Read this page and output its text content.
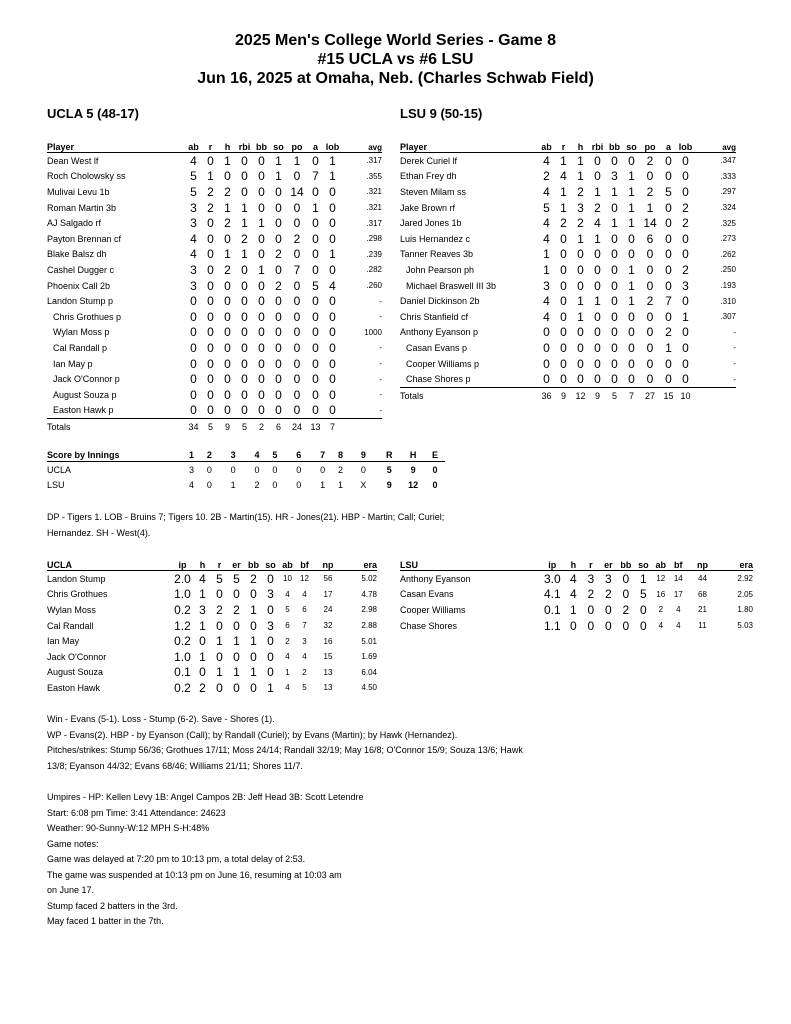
2025 Men's College World Series - Game 8
#15 UCLA vs #6 LSU
Jun 16, 2025 at Omaha, Neb. (Charles Schwab Field)
UCLA 5 (48-17)	LSU 9 (50-15)
Player	ab	r	h	rbi	bb	so	po	a	lob	avg
Dean West lf	4	0	1	0	0	1	1	0	1	.317
Roch Cholowsky ss	5	1	0	0	0	1	0	7	1	.355
Mulivai Levu 1b	5	2	2	0	0	0	14	0	0	.321
Roman Martin 3b	3	2	1	1	0	0	0	1	0	.321
AJ Salgado rf	3	0	2	1	1	0	0	0	0	.317
Payton Brennan cf	4	0	0	2	0	0	2	0	0	.298
Blake Balsz dh	4	0	1	1	0	2	0	0	1	.239
Cashel Dugger c	3	0	2	0	1	0	7	0	0	.282
Phoenix Call 2b	3	0	0	0	0	2	0	5	4	.260
Landon Stump p	0	0	0	0	0	0	0	0	0	-
Chris Grothues p	0	0	0	0	0	0	0	0	0	-
Wylan Moss p	0	0	0	0	0	0	0	0	0	1000
Cal Randall p	0	0	0	0	0	0	0	0	0	-
Ian May p	0	0	0	0	0	0	0	0	0	-
Jack O'Connor p	0	0	0	0	0	0	0	0	0	-
August Souza p	0	0	0	0	0	0	0	0	0	-
Easton Hawk p	0	0	0	0	0	0	0	0	0	-
Totals	34	5	9	5	2	6	24	13	7	
Player	ab	r	h	rbi	bb	so	po	a	lob	avg
Derek Curiel lf	4	1	1	0	0	0	2	0	0	.347
Ethan Frey dh	2	4	1	0	3	1	0	0	0	.333
Steven Milam ss	4	1	2	1	1	1	2	5	0	.297
Jake Brown rf	5	1	3	2	0	1	1	0	2	.324
Jared Jones 1b	4	2	2	4	1	1	14	0	2	.325
Luis Hernandez c	4	0	1	1	0	0	6	0	0	.273
Tanner Reaves 3b	1	0	0	0	0	0	0	0	0	.262
John Pearson ph	1	0	0	0	0	1	0	0	2	.250
Michael Braswell III 3b	3	0	0	0	0	1	0	0	3	.193
Daniel Dickinson 2b	4	0	1	1	0	1	2	7	0	.310
Chris Stanfield cf	4	0	1	0	0	0	0	0	1	.307
Anthony Eyanson p	0	0	0	0	0	0	0	2	0	-
Casan Evans p	0	0	0	0	0	0	0	1	0	-
Cooper Williams p	0	0	0	0	0	0	0	0	0	-
Chase Shores p	0	0	0	0	0	0	0	0	0	-
Totals	36	9	12	9	5	7	27	15	10	
Score by Innings	1	2	3	4	5	6	7	8	9	R	H	E
UCLA	3	0	0	0	0	0	0	2	0	5	9	0
LSU	4	0	1	2	0	0	1	1	X	9	12	0
DP - Tigers 1. LOB - Bruins 7; Tigers 10. 2B - Martin(15). HR - Jones(21). HBP - Martin; Call; Curiel;
Hernandez. SH - West(4).
UCLA	ip	h	r	er	bb	so	ab	bf	np	era
Landon Stump	2.0	4	5	5	2	0	10	12	56	5.02
Chris Grothues	1.0	1	0	0	0	3	4	4	17	4.78
Wylan Moss	0.2	3	2	2	1	0	5	6	24	2.98
Cal Randall	1.2	1	0	0	0	3	6	7	32	2.88
Ian May	0.2	0	1	1	1	0	2	3	16	5.01
Jack O'Connor	1.0	1	0	0	0	0	4	4	15	1.69
August Souza	0.1	0	1	1	1	0	1	2	13	6.04
Easton Hawk	0.2	2	0	0	0	1	4	5	13	4.50
LSU	ip	h	r	er	bb	so	ab	bf	np	era
Anthony Eyanson	3.0	4	3	3	0	1	12	14	44	2.92
Casan Evans	4.1	4	2	2	0	5	16	17	68	2.05
Cooper Williams	0.1	1	0	0	2	0	2	4	21	1.80
Chase Shores	1.1	0	0	0	0	0	4	4	11	5.03
Win - Evans (5-1). Loss - Stump (6-2). Save - Shores (1).
WP - Evans(2). HBP - by Eyanson (Call); by Randall (Curiel); by Evans (Martin); by Hawk (Hernandez).
Pitches/strikes: Stump 56/36; Grothues 17/11; Moss 24/14; Randall 32/19; May 16/8; O'Connor 15/9; Souza 13/6; Hawk
13/8; Eyanson 44/32; Evans 68/46; Williams 21/11; Shores 11/7.
Umpires - HP: Kellen Levy 1B: Angel Campos 2B: Jeff Head 3B: Scott Letendre
Start: 6:08 pm Time: 3:41 Attendance: 24623
Weather: 90-Sunny-W:12 MPH S-H:48%
Game notes:
Game was delayed at 7:20 pm to 10:13 pm, a total delay of 2:53.
The game was suspended at 10:13 pm on June 16, resuming at 10:03 am
on June 17.
Stump faced 2 batters in the 3rd.
May faced 1 batter in the 7th.
